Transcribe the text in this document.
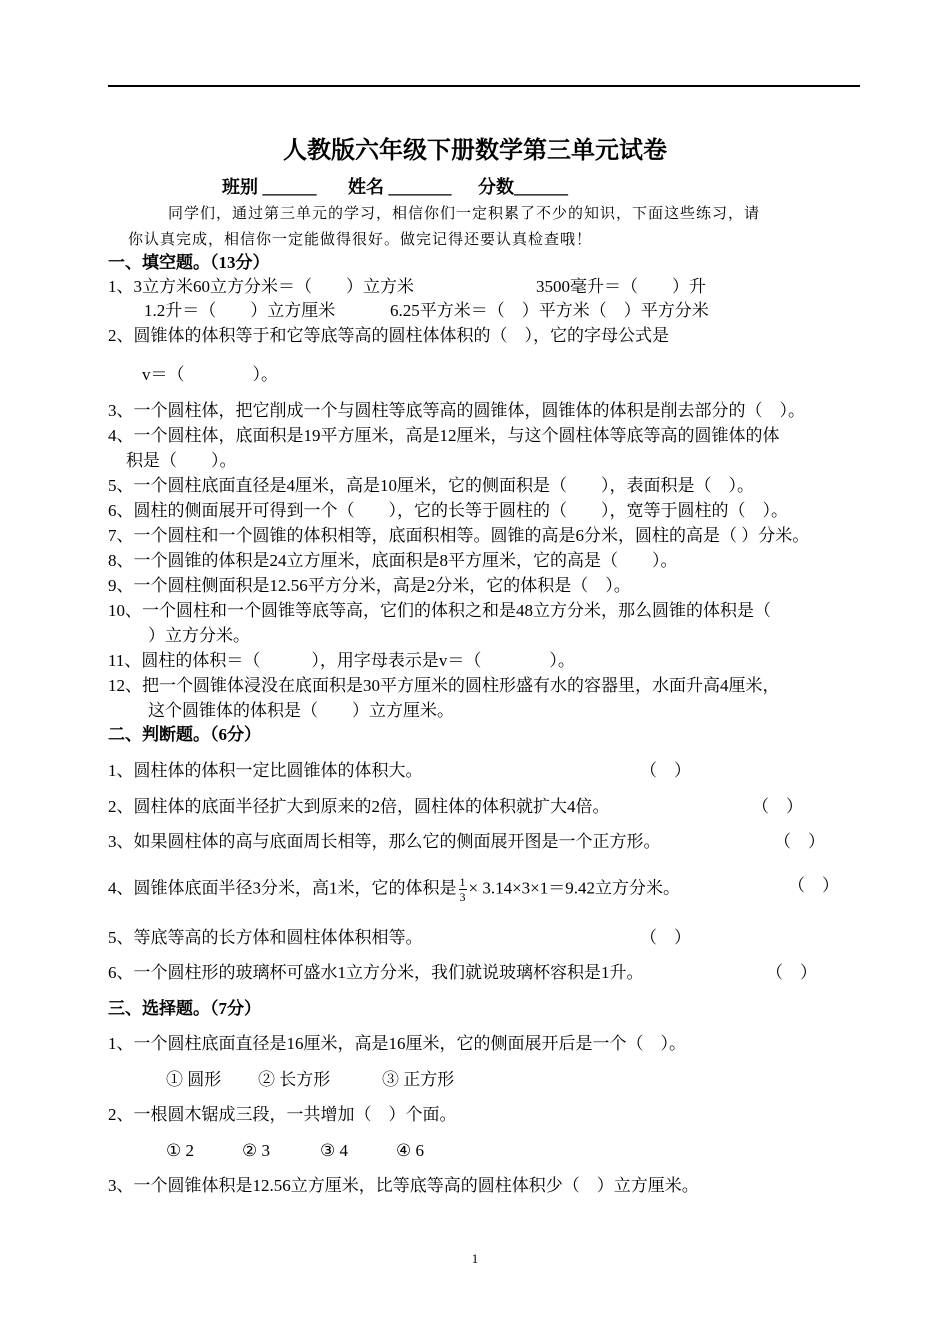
人教版六年级下册数学第三单元试卷
班别 ______ 姓名 _______ 分数______
同学们，通过第三单元的学习，相信你们一定积累了不少的知识，下面这些练习，请
你认真完成，相信你一定能做得很好。做完记得还要认真检查哦！
一、填空题。（13分）
1、3立方米60立方分米＝（　　）立方米	3500毫升＝（　　）升
1.2升＝（　　）立方厘米	6.25平方米＝（　）平方米（　）平方分米
2、圆锥体的体积等于和它等底等高的圆柱体体积的（　），它的字母公式是
v＝（　　　　）。
3、一个圆柱体，把它削成一个与圆柱等底等高的圆锥体，圆锥体的体积是削去部分的（　）。
4、一个圆柱体，底面积是19平方厘米，高是12厘米，与这个圆柱体等底等高的圆锥体的体
积是（　　）。
5、一个圆柱底面直径是4厘米，高是10厘米，它的侧面积是（　　），表面积是（　）。
6、圆柱的侧面展开可得到一个（　　），它的长等于圆柱的（　　），宽等于圆柱的（　）。
7、一个圆柱和一个圆锥的体积相等，底面积相等。圆锥的高是6分米，圆柱的高是（ ）分米。
8、一个圆锥的体积是24立方厘米，底面积是8平方厘米，它的高是（　　）。
9、一个圆柱侧面积是12.56平方分米，高是2分米，它的体积是（　）。
10、一个圆柱和一个圆锥等底等高，它们的体积之和是48立方分米，那么圆锥的体积是（
）立方分米。
11、圆柱的体积＝（　　　），用字母表示是v＝（　　　　）。
12、把一个圆锥体浸没在底面积是30平方厘米的圆柱形盛有水的容器里，水面升高4厘米，
这个圆锥体的体积是（　　）立方厘米。
二、判断题。（6分）
1、圆柱体的体积一定比圆锥体的体积大。	（　）
2、圆柱体的底面半径扩大到原来的2倍，圆柱体的体积就扩大4倍。	（　）
3、如果圆柱体的高与底面周长相等，那么它的侧面展开图是一个正方形。	（　）
4、圆锥体底面半径3分米，高1米，它的体积是 $\frac{1}{3} \times 3.14\times 3\times 1=9.42$立方分米。	（　）
5、等底等高的长方体和圆柱体体积相等。	（　）
6、一个圆柱形的玻璃杯可盛水1立方分米，我们就说玻璃杯容积是1升。	（　）
三、选择题。（7分）
1、一个圆柱底面直径是16厘米，高是16厘米，它的侧面展开后是一个（　）。
① 圆形 ② 长方形	③ 正方形
2、一根圆木锯成三段，一共增加（　）个面。
① 2	② 3	③ 4	④ 6
3、一个圆锥体积是12.56立方厘米，比等底等高的圆柱体积少（　）立方厘米。
1
